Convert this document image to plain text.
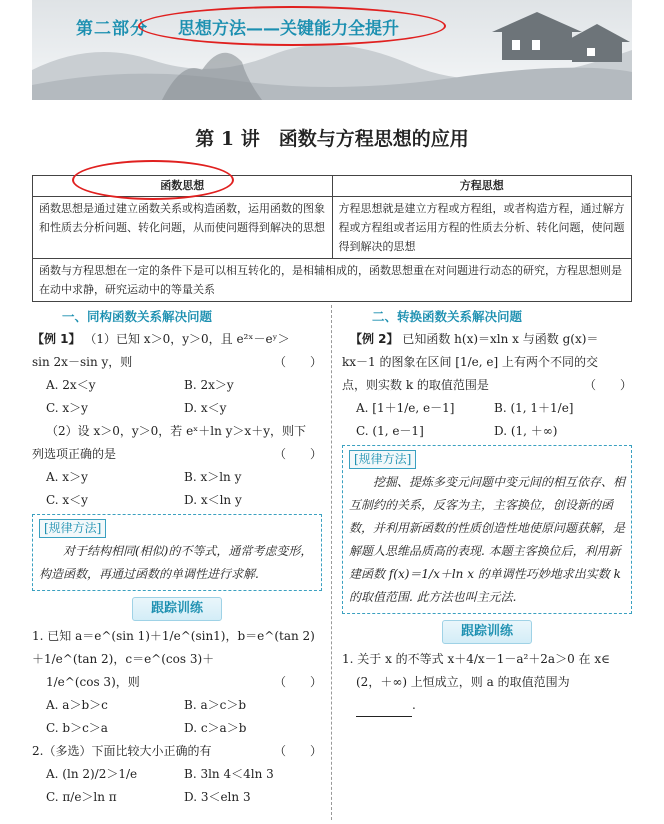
第二部分 思想方法——关键能力全提升
第 1 讲　函数与方程思想的应用
函数思想	方程思想
函数思想是通过建立函数关系或构造函数，运用函数的图象和性质去分析问题、转化问题，从而使问题得到解决的思想	方程思想就是建立方程或方程组，或者构造方程，通过解方程或方程组或者运用方程的性质去分析、转化问题，使问题得到解决的思想
函数与方程思想在一定的条件下是可以相互转化的，是相辅相成的，函数思想重在对问题进行动态的研究，方程思想则是在动中求静，研究运动中的等量关系	
一、同构函数关系解决问题
【例 1】 （1）已知 x＞0，y＞0，且 e²ˣ－eʸ＞
sin 2x－sin y，则	（　　）
A. 2x＜y	B. 2x＞y
C. x＞y	D. x＜y
（2）设 x＞0，y＞0，若 eˣ＋ln y＞x＋y，则下
列选项正确的是	（　　）
A. x＞y	B. x＞ln y
C. x＜y	D. x＜ln y
[规律方法]
对于结构相同(相似)的不等式，通常考虑变形，构造函数，再通过函数的单调性进行求解.
跟踪训练
1. 已知 a＝e^(sin 1)＋1/e^(sin1)，b＝e^(tan 2)＋1/e^(tan 2)，c＝e^(cos 3)＋
1/e^(cos 3)，则	（　　）
A. a＞b＞c	B. a＞c＞b
C. b＞c＞a	D. c＞a＞b
2.（多选）下面比较大小正确的有	（　　）
A. (ln 2)/2＞1/e	B. 3ln 4＜4ln 3
C. π/e＞ln π	D. 3＜eln 3
二、转换函数关系解决问题
【例 2】 已知函数 h(x)＝xln x 与函数 g(x)＝
kx－1 的图象在区间 [1/e, e] 上有两个不同的交
点，则实数 k 的取值范围是	（　　）
A. [1＋1/e, e－1]	B. (1, 1＋1/e]
C. (1, e－1]	D. (1, ＋∞)
[规律方法]
挖掘、提炼多变元问题中变元间的相互依存、相互制约的关系，反客为主，主客换位，创设新的函数，并利用新函数的性质创造性地使原问题获解，是解题人思维品质高的表现. 本题主客换位后，利用新建函数 f(x)＝1/x＋ln x 的单调性巧妙地求出实数 k 的取值范围. 此方法也叫主元法.
跟踪训练
1. 关于 x 的不等式 x＋4/x－1－a²＋2a＞0 在 x∈
(2，＋∞) 上恒成立，则 a 的取值范围为
.
